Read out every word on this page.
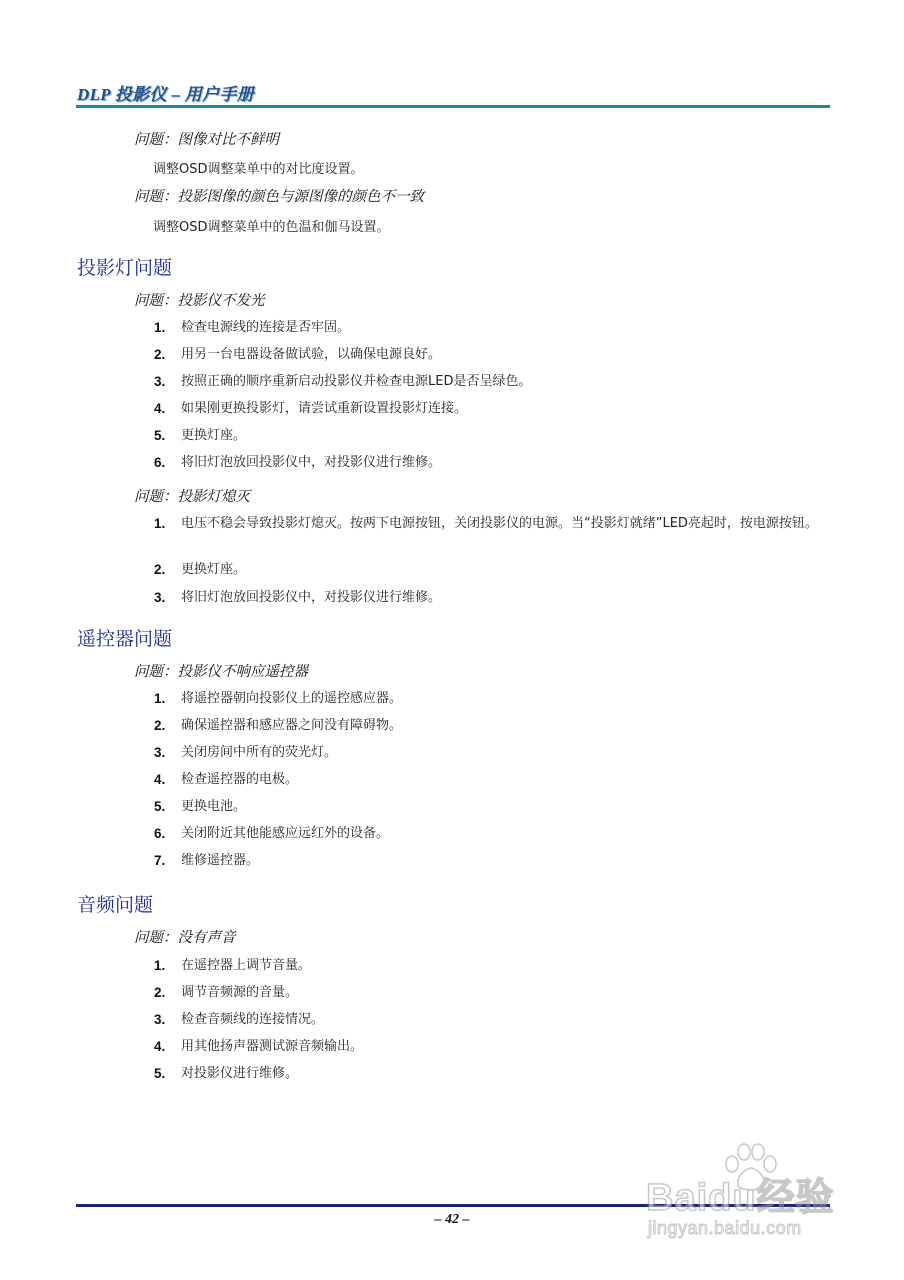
DLP 投影仪 – 用户手册
问题：图像对比不鲜明
调整OSD调整菜单中的对比度设置。
问题：投影图像的颜色与源图像的颜色不一致
调整OSD调整菜单中的色温和伽马设置。
投影灯问题
问题：投影仪不发光
1.	检查电源线的连接是否牢固。
2.	用另一台电器设备做试验，以确保电源良好。
3.	按照正确的顺序重新启动投影仪并检查电源LED是否呈绿色。
4.	如果刚更换投影灯，请尝试重新设置投影灯连接。
5.	更换灯座。
6.	将旧灯泡放回投影仪中，对投影仪进行维修。
问题：投影灯熄灭
1.	电压不稳会导致投影灯熄灭。按两下电源按钮，关闭投影仪的电源。当“投影灯就绪”LED亮起时，按电源按钮。
2.	更换灯座。
3.	将旧灯泡放回投影仪中，对投影仪进行维修。
遥控器问题
问题：投影仪不响应遥控器
1.	将遥控器朝向投影仪上的遥控感应器。
2.	确保遥控器和感应器之间没有障碍物。
3.	关闭房间中所有的荧光灯。
4.	检查遥控器的电极。
5.	更换电池。
6.	关闭附近其他能感应远红外的设备。
7.	维修遥控器。
音频问题
问题：没有声音
1.	在遥控器上调节音量。
2.	调节音频源的音量。
3.	检查音频线的连接情况。
4.	用其他扬声器测试源音频输出。
5.	对投影仪进行维修。
– 42 –
Baidu经验
jingyan.baidu.com
